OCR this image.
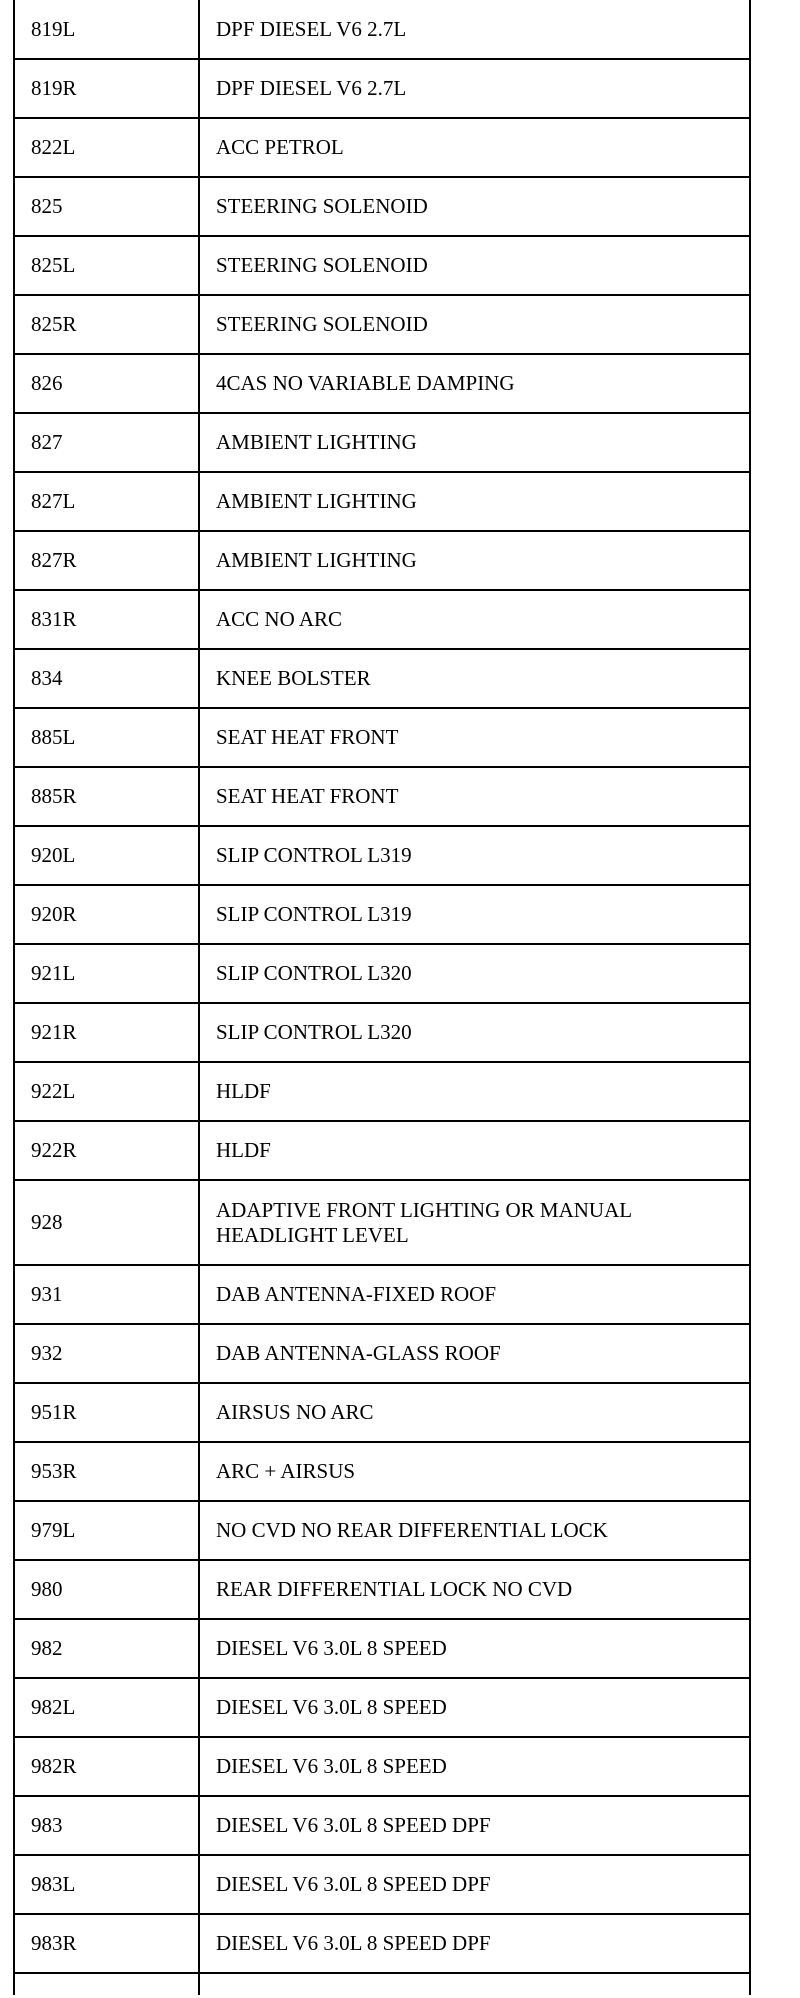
819L	DPF DIESEL V6 2.7L
819R	DPF DIESEL V6 2.7L
822L	ACC PETROL
825	STEERING SOLENOID
825L	STEERING SOLENOID
825R	STEERING SOLENOID
826	4CAS NO VARIABLE DAMPING
827	AMBIENT LIGHTING
827L	AMBIENT LIGHTING
827R	AMBIENT LIGHTING
831R	ACC NO ARC
834	KNEE BOLSTER
885L	SEAT HEAT FRONT
885R	SEAT HEAT FRONT
920L	SLIP CONTROL L319
920R	SLIP CONTROL L319
921L	SLIP CONTROL L320
921R	SLIP CONTROL L320
922L	HLDF
922R	HLDF
928	ADAPTIVE FRONT LIGHTING OR MANUAL HEADLIGHT LEVEL
931	DAB ANTENNA-FIXED ROOF
932	DAB ANTENNA-GLASS ROOF
951R	AIRSUS NO ARC
953R	ARC + AIRSUS
979L	NO CVD NO REAR DIFFERENTIAL LOCK
980	REAR DIFFERENTIAL LOCK NO CVD
982	DIESEL V6 3.0L 8 SPEED
982L	DIESEL V6 3.0L 8 SPEED
982R	DIESEL V6 3.0L 8 SPEED
983	DIESEL V6 3.0L 8 SPEED DPF
983L	DIESEL V6 3.0L 8 SPEED DPF
983R	DIESEL V6 3.0L 8 SPEED DPF
